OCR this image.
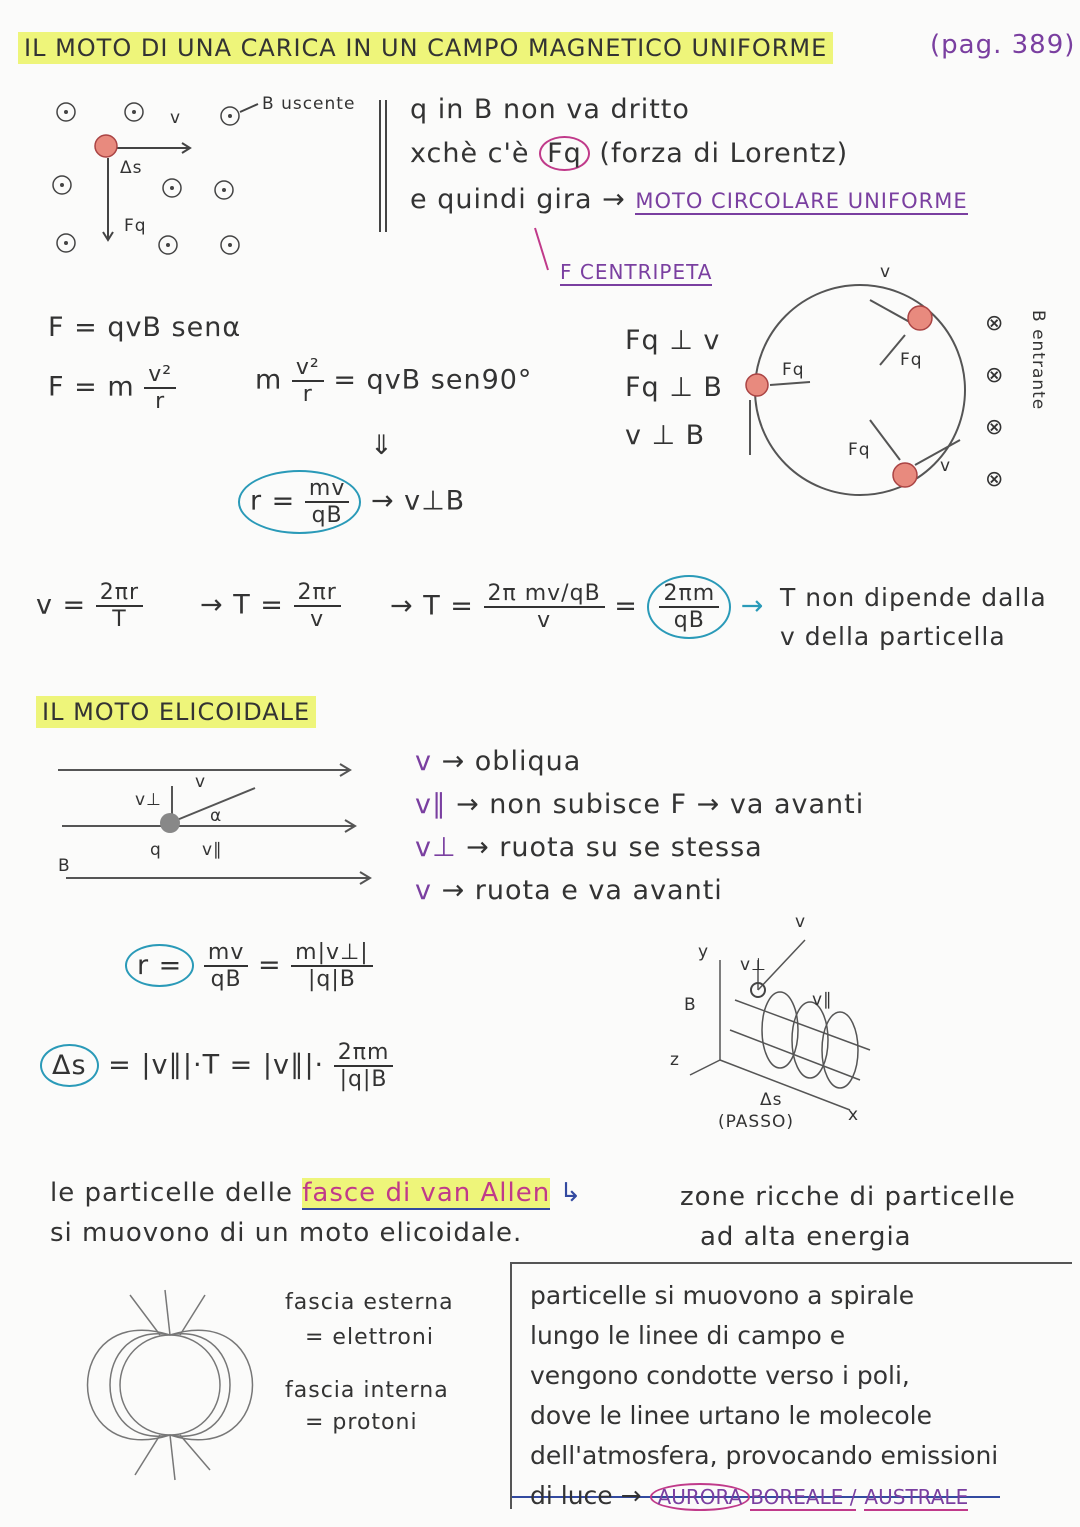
IL MOTO DI UNA CARICA IN UN CAMPO MAGNETICO UNIFORME	(pag. 389)
B uscente
v
Δs
Fq
q in B non va dritto
xchè c'è Fq (forza di Lorentz)
e quindi gira → MOTO CIRCOLARE UNIFORME
F CENTRIPETA
F = qvB senα
F = m $\frac{\text{v²}}{r}$	m $\frac{\text{v²}}{r}$ = qvB sen90°
⇓
$r = \frac{mv}{qB}$ → v⊥B
Fq ⊥ v
Fq ⊥ B
v ⊥ B
Fq	Fq
Fq
v
v
⊗ ⊗ ⊗ ⊗
B entrante
$v = \frac{2\pi r}{T} \to T = \frac{2\pi r}{v} \to T = \frac{\text{2π mv/qB}}{v} = \frac{2\pi m}{qB} \to T$ non dipende dalla
v della particella
IL MOTO ELICOIDALE
v⊥
v
α
q v∥
B
v → obliqua
v∥ → non subisce F → va avanti
v⊥ → ruota su se stessa
v → ruota e va avanti
$r = \frac{mv}{qB} = \frac{m|v\perp|}{|q|B}$
Δs = |v∥|·T = |v∥|· $\frac{2\pi m}{|q|B}$
y
v
v⊥
v∥
B
z
x
Δs
(PASSO)
le particelle delle fasce di van Allen ↳
si muovono di un moto elicoidale.
zone ricche di particelle
ad alta energia
fascia esterna
= elettroni
fascia interna
= protoni
particelle si muovono a spirale
lungo le linee di campo e
vengono condotte verso i poli,
dove le linee urtano le molecole
dell'atmosfera, provocando emissioni
di luce → AURORA BOREALE / AUSTRALE
